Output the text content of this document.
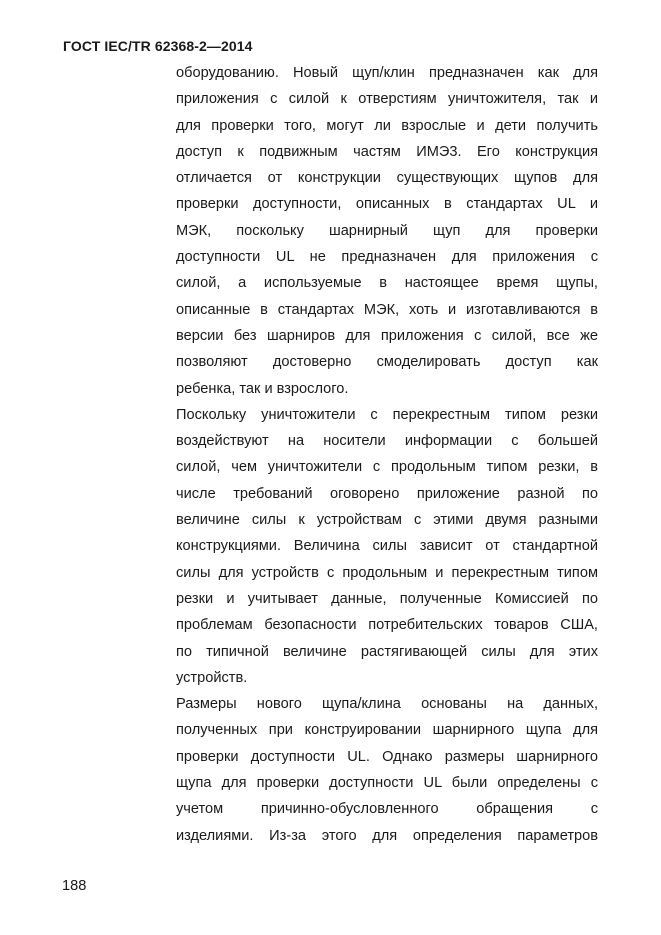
ГОСТ IEC/TR 62368-2—2014
оборудованию. Новый щуп/клин предназначен как для
приложения с силой к отверстиям уничтожителя, так и
для проверки того, могут ли взрослые и дети получить
доступ к подвижным частям ИМЭ3. Его конструкция
отличается от конструкции существующих щупов для
проверки доступности, описанных в стандартах UL и
МЭК, поскольку шарнирный щуп для проверки
доступности UL не предназначен для приложения с
силой, а используемые в настоящее время щупы,
описанные в стандартах МЭК, хоть и изготавливаются в
версии без шарниров для приложения с силой, все же
позволяют достоверно смоделировать доступ как
ребенка, так и взрослого.
Поскольку уничтожители с перекрестным типом резки
воздействуют на носители информации с большей
силой, чем уничтожители с продольным типом резки, в
числе требований оговорено приложение разной по
величине силы к устройствам с этими двумя разными
конструкциями. Величина силы зависит от стандартной
силы для устройств с продольным и перекрестным типом
резки и учитывает данные, полученные Комиссией по
проблемам безопасности потребительских товаров США,
по типичной величине растягивающей силы для этих
устройств.
Размеры нового щупа/клина основаны на данных,
полученных при конструировании шарнирного щупа для
проверки доступности UL. Однако размеры шарнирного
щупа для проверки доступности UL были определены с
учетом причинно-обусловленного обращения с
изделиями. Из-за этого для определения параметров
188
